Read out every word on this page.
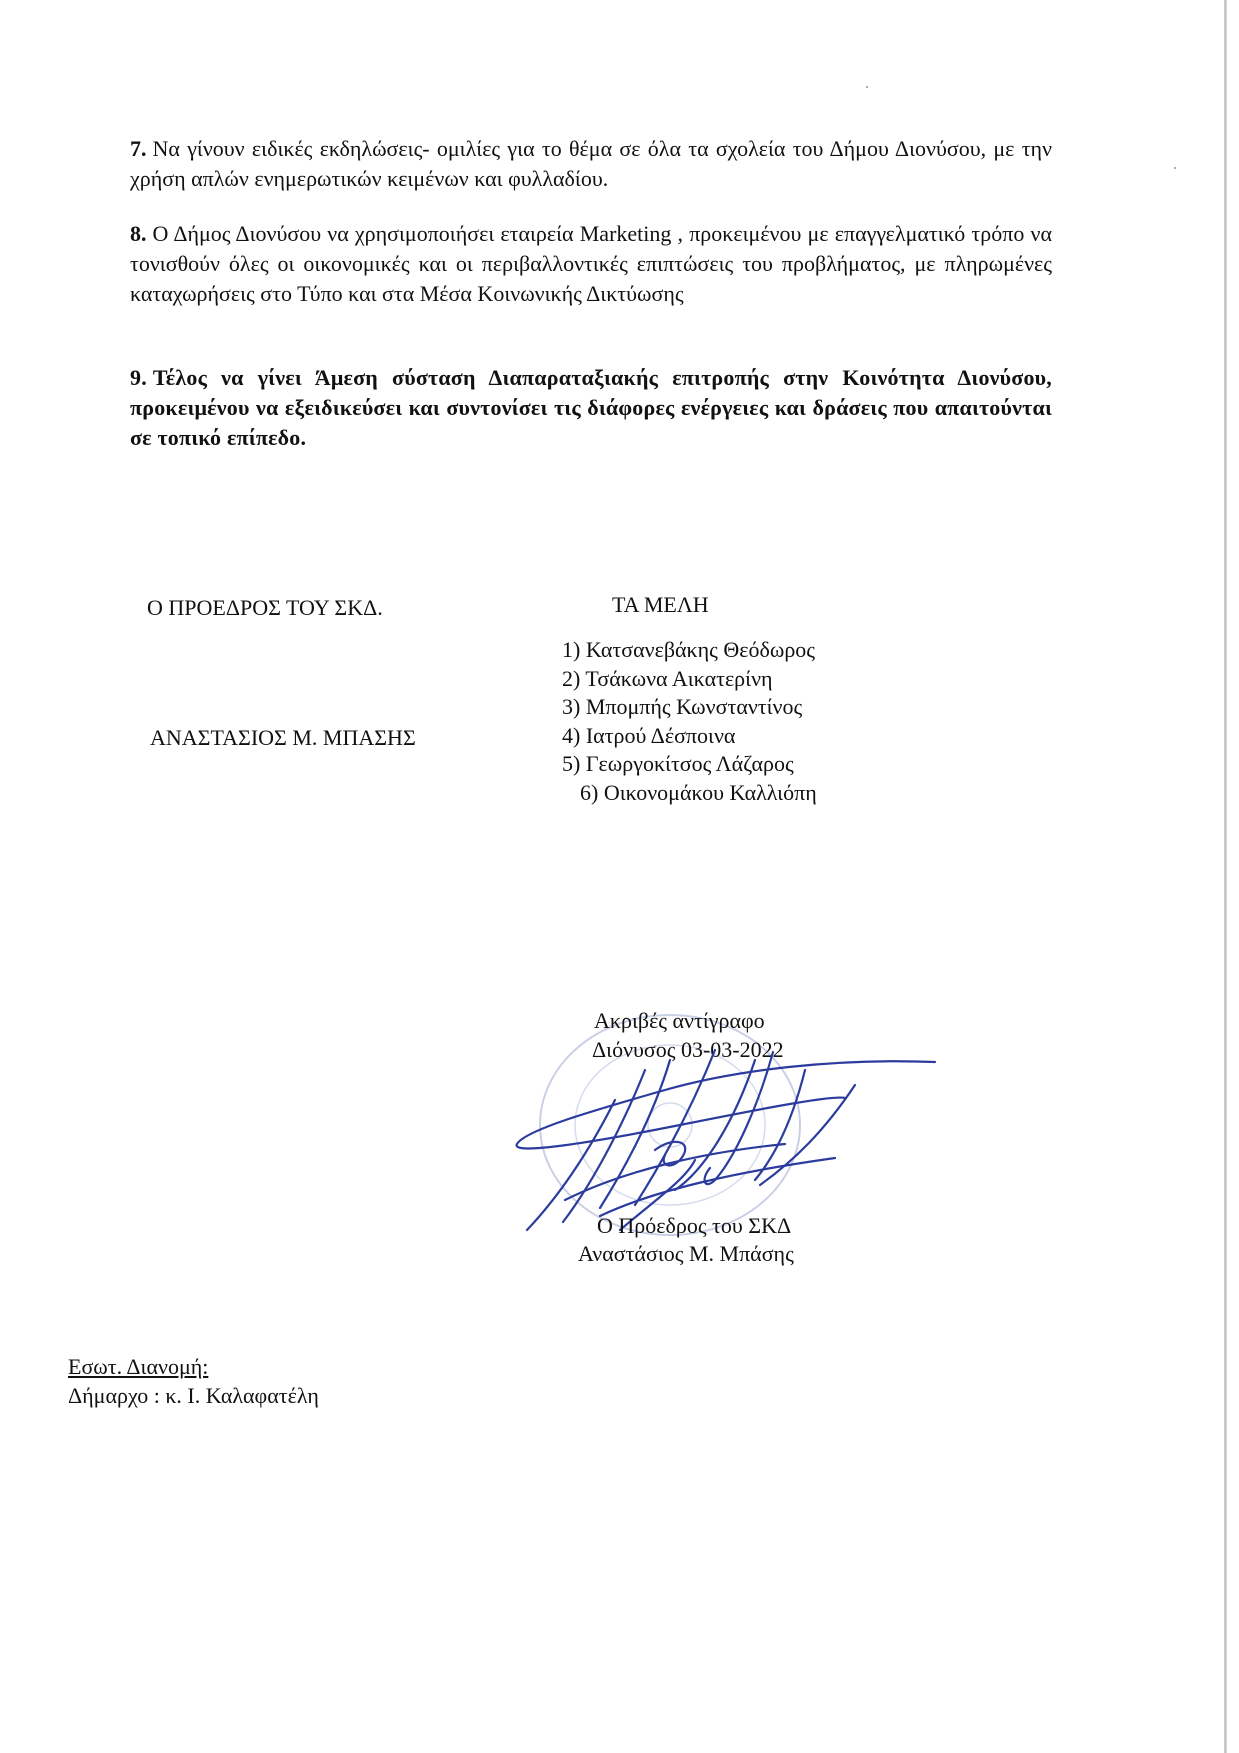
7. Να γίνουν ειδικές εκδηλώσεις- ομιλίες για το θέμα σε όλα τα σχολεία του Δήμου Διονύσου, με την χρήση απλών ενημερωτικών κειμένων και φυλλαδίου.
8. Ο Δήμος Διονύσου να χρησιμοποιήσει εταιρεία Marketing , προκειμένου με επαγγελματικό τρόπο να τονισθούν όλες οι οικονομικές και οι περιβαλλοντικές επιπτώσεις του προβλήματος, με πληρωμένες καταχωρήσεις στο Τύπο και στα Μέσα Κοινωνικής Δικτύωσης
9. Τέλος να γίνει Άμεση σύσταση Διαπαραταξιακής επιτροπής στην Κοινότητα Διονύσου, προκειμένου να εξειδικεύσει και συντονίσει τις διάφορες ενέργειες και δράσεις που απαιτούνται σε τοπικό επίπεδο.
Ο ΠΡΟΕΔΡΟΣ ΤΟΥ ΣΚΔ.
ΑΝΑΣΤΑΣΙΟΣ Μ. ΜΠΑΣΗΣ
ΤΑ ΜΕΛΗ
1) Κατσανεβάκης Θεόδωρος
2) Τσάκωνα Αικατερίνη
3) Μπομπής Κωνσταντίνος
4) Ιατρού Δέσποινα
5) Γεωργοκίτσος Λάζαρος
6) Οικονομάκου Καλλιόπη
Ακριβές αντίγραφο
Διόνυσος 03-03-2022
Ο Πρόεδρος του ΣΚΔ
Αναστάσιος Μ. Μπάσης
Εσωτ. Διανομή:
Δήμαρχο : κ. Ι. Καλαφατέλη
